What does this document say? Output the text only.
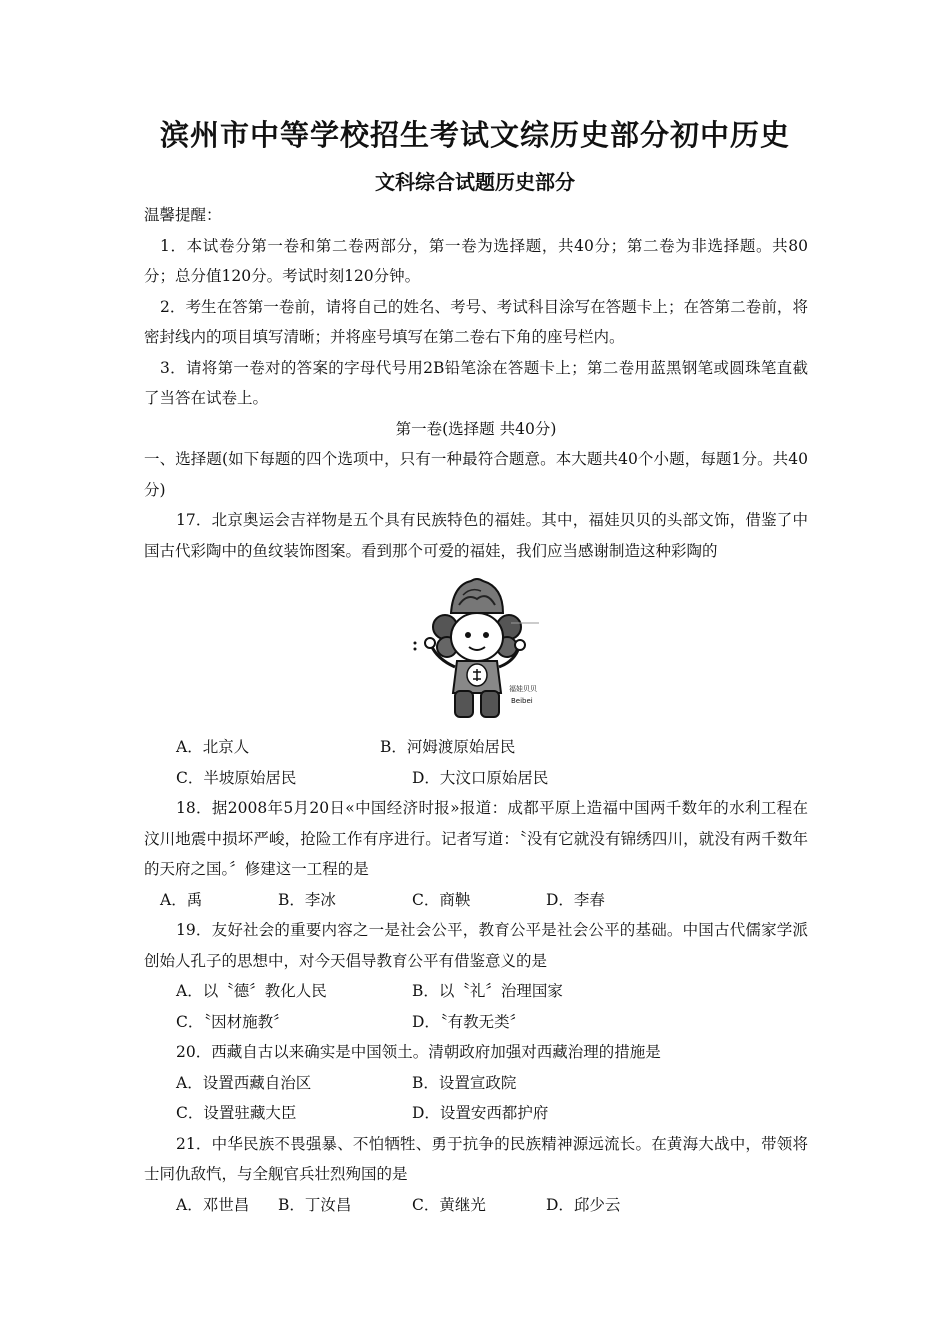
滨州市中等学校招生考试文综历史部分初中历史
文科综合试题历史部分

温馨提醒：

1．本试卷分第一卷和第二卷两部分，第一卷为选择题，共40分；第二卷为非选择题。共80分；总分值120分。考试时刻120分钟。

2．考生在答第一卷前，请将自己的姓名、考号、考试科目涂写在答题卡上；在答第二卷前，将密封线内的项目填写清晰；并将座号填写在第二卷右下角的座号栏内。

3．请将第一卷对的答案的字母代号用2B铅笔涂在答题卡上；第二卷用蓝黑钢笔或圆珠笔直截了当答在试卷上。

第一卷(选择题 共40分)

一、选择题(如下每题的四个选项中，只有一种最符合题意。本大题共40个小题，每题1分。共40分)

17．北京奥运会吉祥物是五个具有民族特色的福娃。其中，福娃贝贝的头部文饰，借鉴了中国古代彩陶中的鱼纹装饰图案。看到那个可爱的福娃，我们应当感谢制造这种彩陶的

福娃贝贝
Beibei
A．北京人	B．河姆渡原始居民
C．半坡原始居民	D．大汶口原始居民

18．据2008年5月20日«中国经济时报»报道：成都平原上造福中国两千数年的水利工程在汶川地震中损坏严峻，抢险工作有序进行。记者写道：〝没有它就没有锦绣四川，就没有两千数年的天府之国。〞修建这一工程的是

A．禹	B．李冰	C．商鞅	D．李春

19．友好社会的重要内容之一是社会公平，教育公平是社会公平的基础。中国古代儒家学派创始人孔子的思想中，对今天倡导教育公平有借鉴意义的是

A．以〝德〞教化人民	B．以〝礼〞治理国家
C．〝因材施教〞	D．〝有教无类〞

20．西藏自古以来确实是中国领土。清朝政府加强对西藏治理的措施是

A．设置西藏自治区	B．设置宣政院
C．设置驻藏大臣	D．设置安西都护府

21．中华民族不畏强暴、不怕牺牲、勇于抗争的民族精神源远流长。在黄海大战中，带领将士同仇敌忾，与全舰官兵壮烈殉国的是

A．邓世昌	B．丁汝昌	C．黄继光	D．邱少云
